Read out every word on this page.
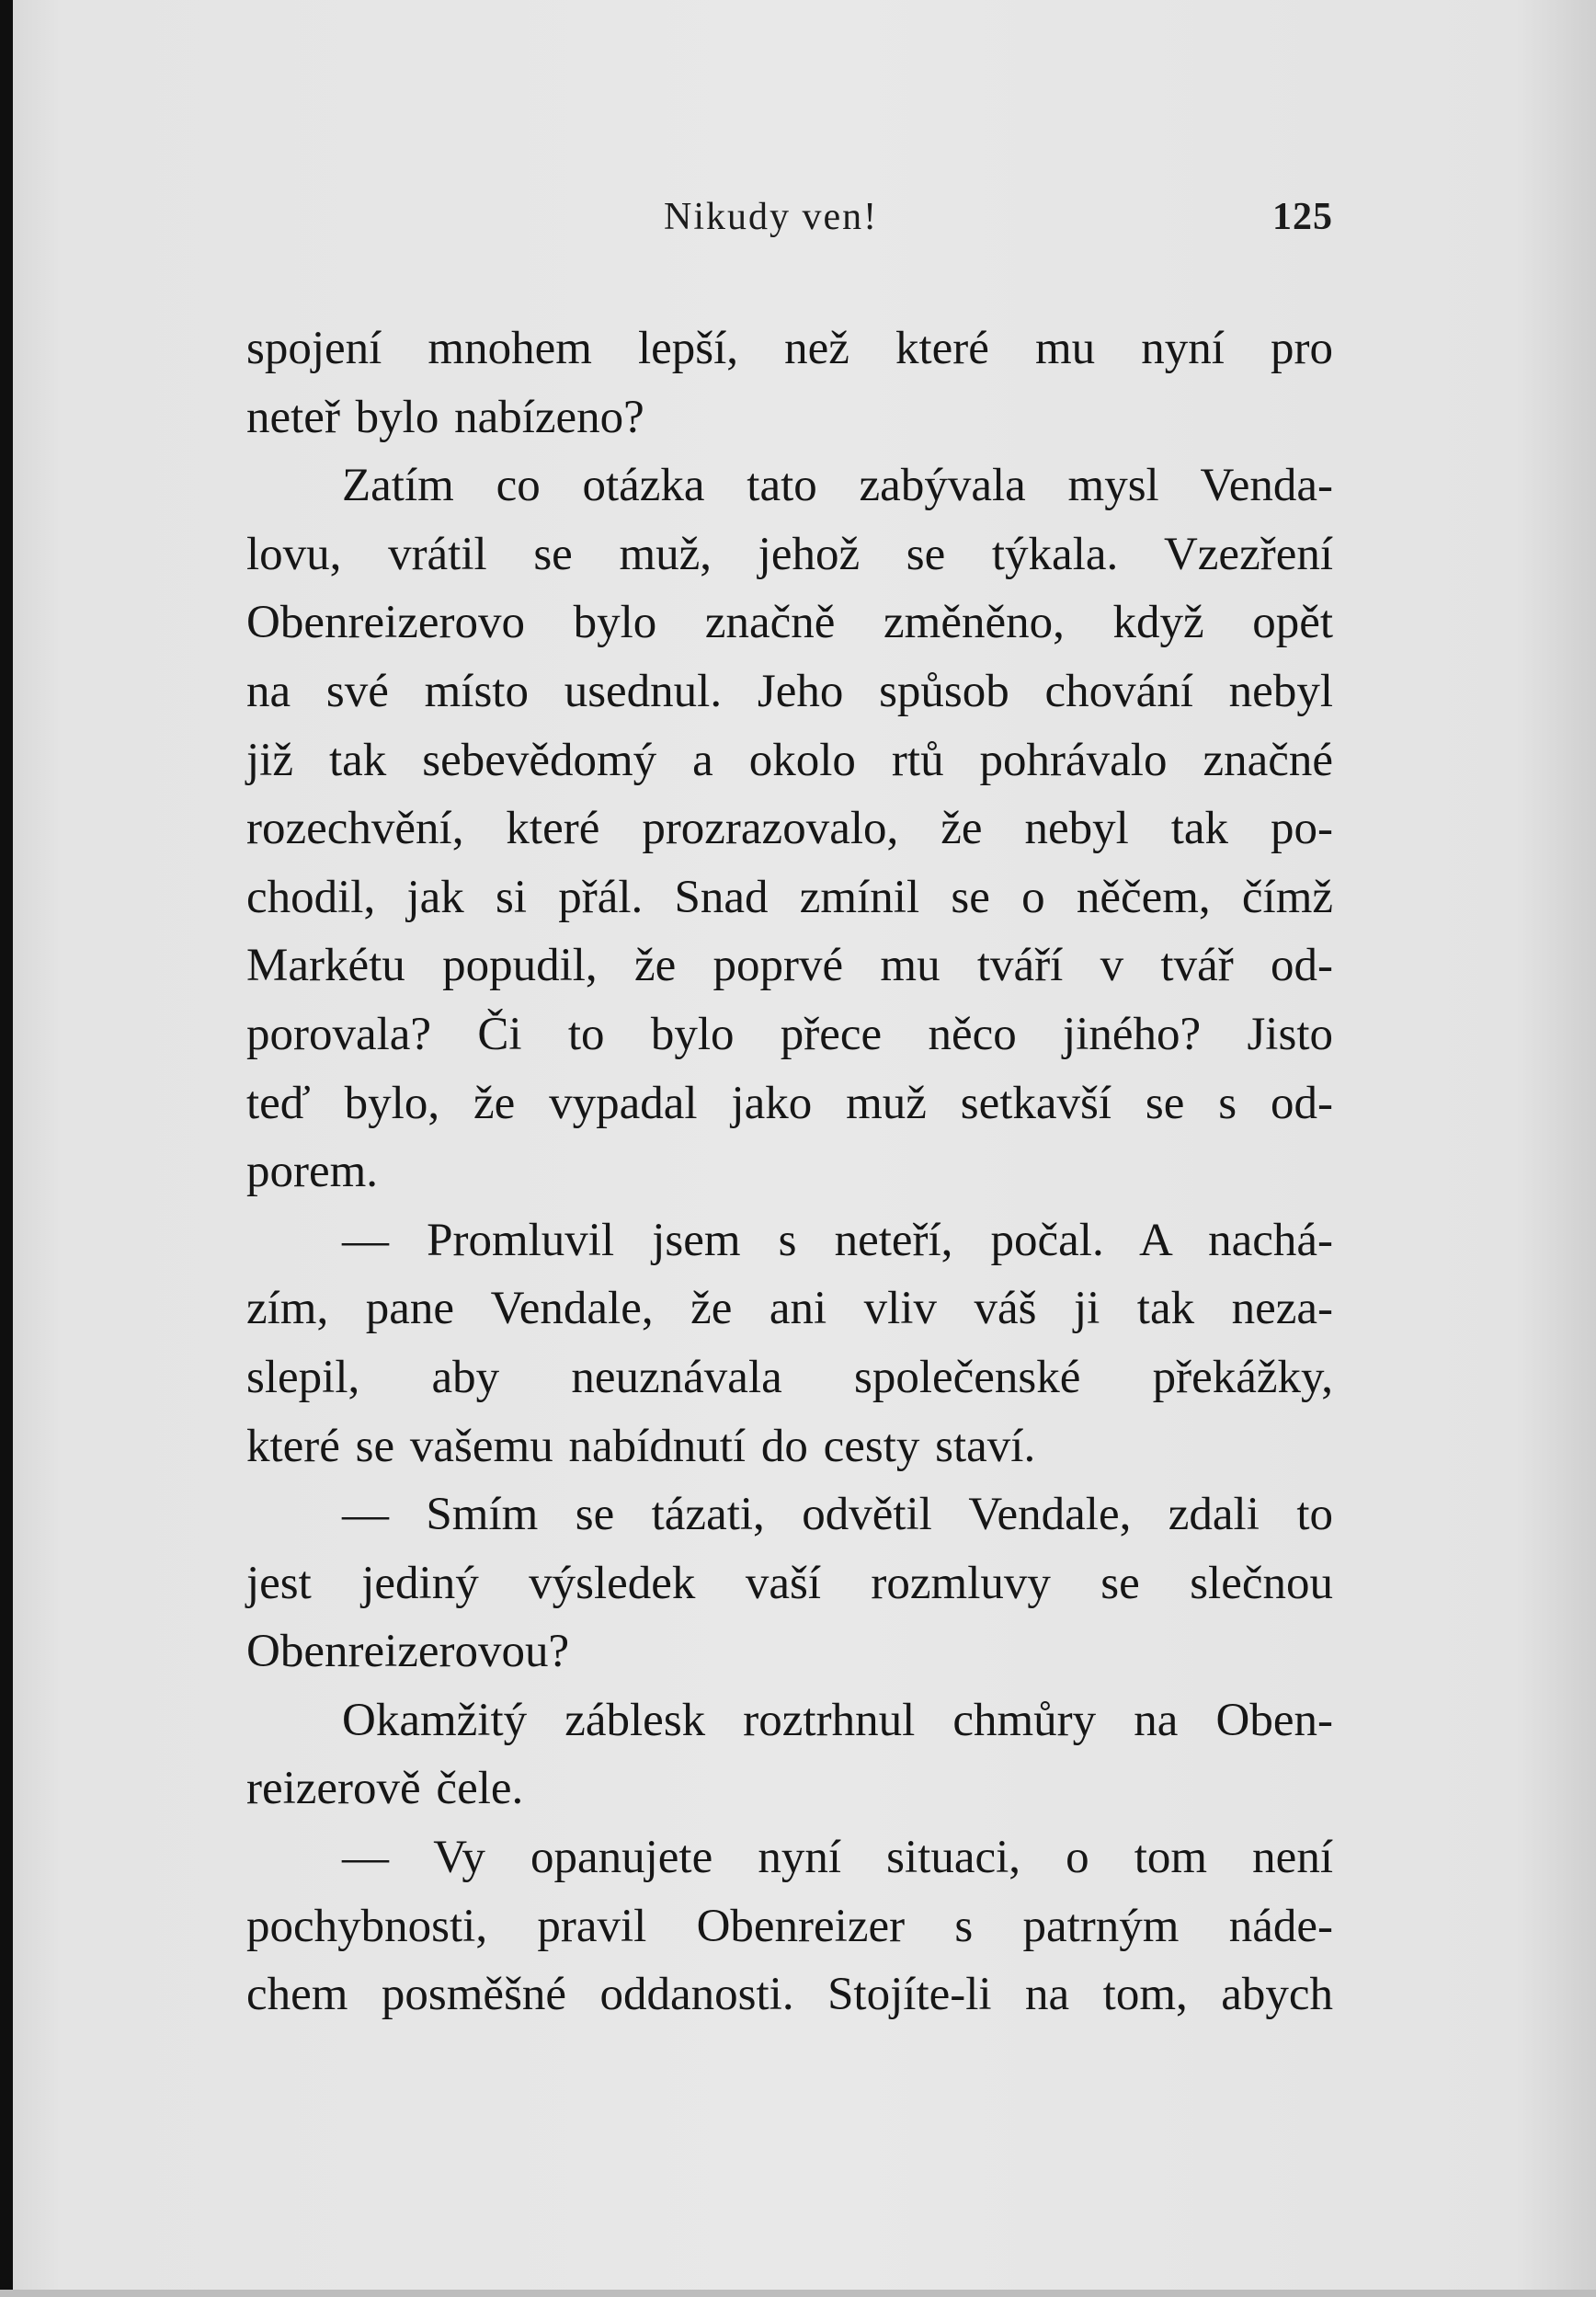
Nikudy ven!	125
spojení mnohem lepší, než které mu nyní pro
neteř bylo nabízeno?
Zatím co otázka tato zabývala mysl Venda-
lovu, vrátil se muž, jehož se týkala. Vzezření
Obenreizerovo bylo značně změněno, když opět
na své místo usednul. Jeho spůsob chování nebyl
již tak sebevědomý a okolo rtů pohrávalo značné
rozechvění, které prozrazovalo, že nebyl tak po-
chodil, jak si přál. Snad zmínil se o něčem, čímž
Markétu popudil, že poprvé mu tváří v tvář od-
porovala? Či to bylo přece něco jiného? Jisto
teď bylo, že vypadal jako muž setkavší se s od-
porem.
— Promluvil jsem s neteří, počal. A nachá-
zím, pane Vendale, že ani vliv váš ji tak neza-
slepil, aby neuznávala společenské překážky,
které se vašemu nabídnutí do cesty staví.
— Smím se tázati, odvětil Vendale, zdali to
jest jediný výsledek vaší rozmluvy se slečnou
Obenreizerovou?
Okamžitý záblesk roztrhnul chmůry na Oben-
reizerově čele.
— Vy opanujete nyní situaci, o tom není
pochybnosti, pravil Obenreizer s patrným náde-
chem posměšné oddanosti. Stojíte-li na tom, abych
